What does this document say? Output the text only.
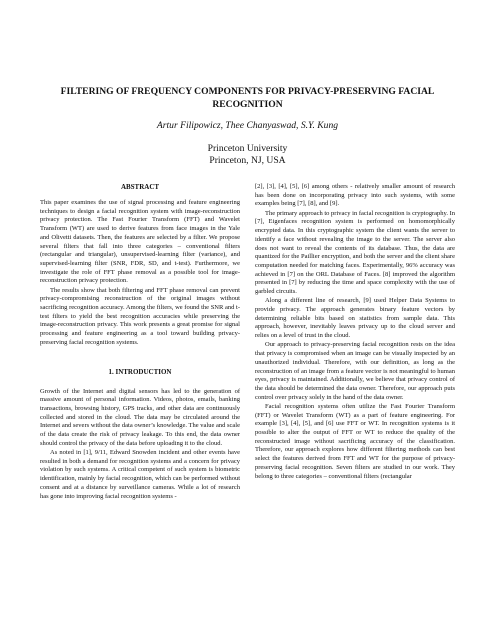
FILTERING OF FREQUENCY COMPONENTS FOR PRIVACY-PRESERVING FACIAL
RECOGNITION
Artur Filipowicz, Thee Chanyaswad, S.Y. Kung
Princeton University
Princeton, NJ, USA
ABSTRACT

This paper examines the use of signal processing and feature engineering techniques to design a facial recognition system with image-reconstruction privacy protection. The Fast Fourier Transform (FFT) and Wavelet Transform (WT) are used to derive features from face images in the Yale and Olivetti datasets. Then, the features are selected by a filter. We propose several filters that fall into three categories – conventional filters (rectangular and triangular), unsupervised-learning filter (variance), and supervised-learning filter (SNR, FDR, SD, and t-test). Furthermore, we investigate the role of FFT phase removal as a possible tool for image-reconstruction privacy protection.

The results show that both filtering and FFT phase removal can prevent privacy-compromising reconstruction of the original images without sacrificing recognition accuracy. Among the filters, we found the SNR and t-test filters to yield the best recognition accuracies while preserving the image-reconstruction privacy. This work presents a great promise for signal processing and feature engineering as a tool toward building privacy-preserving facial recognition systems.

1. INTRODUCTION

Growth of the Internet and digital sensors has led to the generation of massive amount of personal information. Videos, photos, emails, banking transactions, browsing history, GPS tracks, and other data are continuously collected and stored in the cloud. The data may be circulated around the Internet and severs without the data owner’s knowledge. The value and scale of the data create the risk of privacy leakage. To this end, the data owner should control the privacy of the data before uploading it to the cloud.

As noted in [1], 9/11, Edward Snowden incident and other events have resulted in both a demand for recognition systems and a concern for privacy violation by such systems. A critical competent of such system is biometric identification, mainly by facial recognition, which can be performed without consent and at a distance by surveillance cameras. While a lot of research has gone into improving facial recognition systems -

[2], [3], [4], [5], [6] among others - relatively smaller amount of research has been done on incorporating privacy into such systems, with some examples being [7], [8], and [9].

The primary approach to privacy in facial recognition is cryptography. In [7], Eigenfaces recognition system is performed on homomorphically encrypted data. In this cryptographic system the client wants the server to identify a face without revealing the image to the server. The server also does not want to reveal the contents of its database. Thus, the data are quantized for the Paillier encryption, and both the server and the client share computation needed for matching faces. Experimentally, 96% accuracy was achieved in [7] on the ORL Database of Faces. [8] improved the algorithm presented in [7] by reducing the time and space complexity with the use of garbled circuits.

Along a different line of research, [9] used Helper Data Systems to provide privacy. The approach generates binary feature vectors by determining reliable bits based on statistics from sample data. This approach, however, inevitably leaves privacy up to the cloud server and relies on a level of trust in the cloud.

Our approach to privacy-preserving facial recognition rests on the idea that privacy is compromised when an image can be visually inspected by an unauthorized individual. Therefore, with our definition, as long as the reconstruction of an image from a feature vector is not meaningful to human eyes, privacy is maintained. Additionally, we believe that privacy control of the data should be determined the data owner. Therefore, our approach puts control over privacy solely in the hand of the data owner.

Facial recognition systems often utilize the Fast Fourier Transform (FFT) or Wavelet Transform (WT) as a part of feature engineering. For example [3], [4], [5], and [6] use FFT or WT. In recognition systems is it possible to alter the output of FFT or WT to reduce the quality of the reconstructed image without sacrificing accuracy of the classification. Therefore, our approach explores how different filtering methods can best select the features derived from FFT and WT for the purpose of privacy-preserving facial recognition. Seven filters are studied in our work. They belong to three categories – conventional filters (rectangular
